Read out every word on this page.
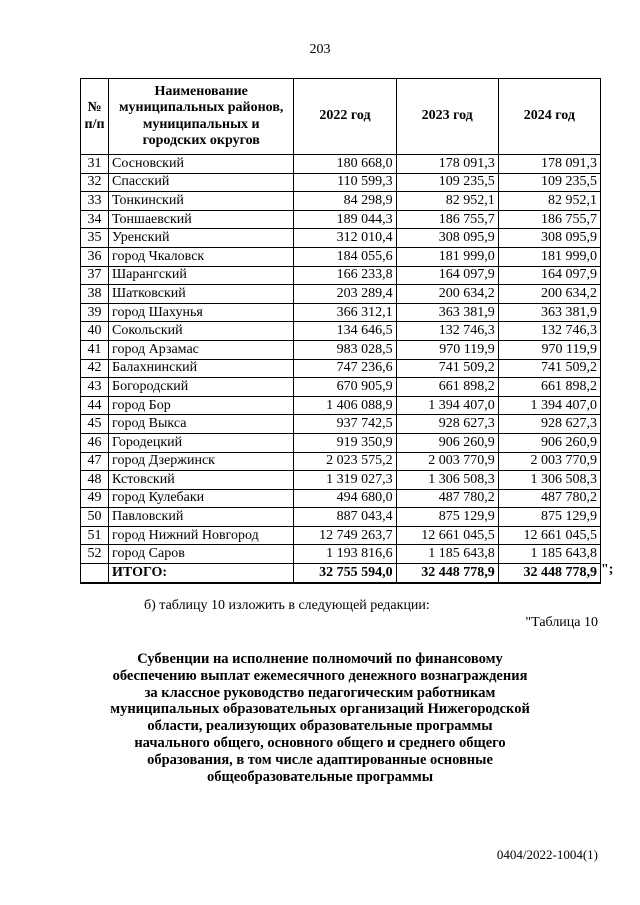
203
№ п/п	Наименование муниципальных районов, муниципальных и городских округов	2022 год	2023 год	2024 год
31	Сосновский	180 668,0	178 091,3	178 091,3
32	Спасский	110 599,3	109 235,5	109 235,5
33	Тонкинский	84 298,9	82 952,1	82 952,1
34	Тоншаевский	189 044,3	186 755,7	186 755,7
35	Уренский	312 010,4	308 095,9	308 095,9
36	город Чкаловск	184 055,6	181 999,0	181 999,0
37	Шарангский	166 233,8	164 097,9	164 097,9
38	Шатковский	203 289,4	200 634,2	200 634,2
39	город Шахунья	366 312,1	363 381,9	363 381,9
40	Сокольский	134 646,5	132 746,3	132 746,3
41	город Арзамас	983 028,5	970 119,9	970 119,9
42	Балахнинский	747 236,6	741 509,2	741 509,2
43	Богородский	670 905,9	661 898,2	661 898,2
44	город Бор	1 406 088,9	1 394 407,0	1 394 407,0
45	город Выкса	937 742,5	928 627,3	928 627,3
46	Городецкий	919 350,9	906 260,9	906 260,9
47	город Дзержинск	2 023 575,2	2 003 770,9	2 003 770,9
48	Кстовский	1 319 027,3	1 306 508,3	1 306 508,3
49	город Кулебаки	494 680,0	487 780,2	487 780,2
50	Павловский	887 043,4	875 129,9	875 129,9
51	город Нижний Новгород	12 749 263,7	12 661 045,5	12 661 045,5
52	город Саров	1 193 816,6	1 185 643,8	1 185 643,8
	ИТОГО:	32 755 594,0	32 448 778,9	32 448 778,9 ";
б) таблицу 10 изложить в следующей редакции:
"Таблица 10
Субвенции на исполнение полномочий по финансовому обеспечению выплат ежемесячного денежного вознаграждения за классное руководство педагогическим работникам муниципальных образовательных организаций Нижегородской области, реализующих образовательные программы начального общего, основного общего и среднего общего образования, в том числе адаптированные основные общеобразовательные программы
0404/2022-1004(1)
